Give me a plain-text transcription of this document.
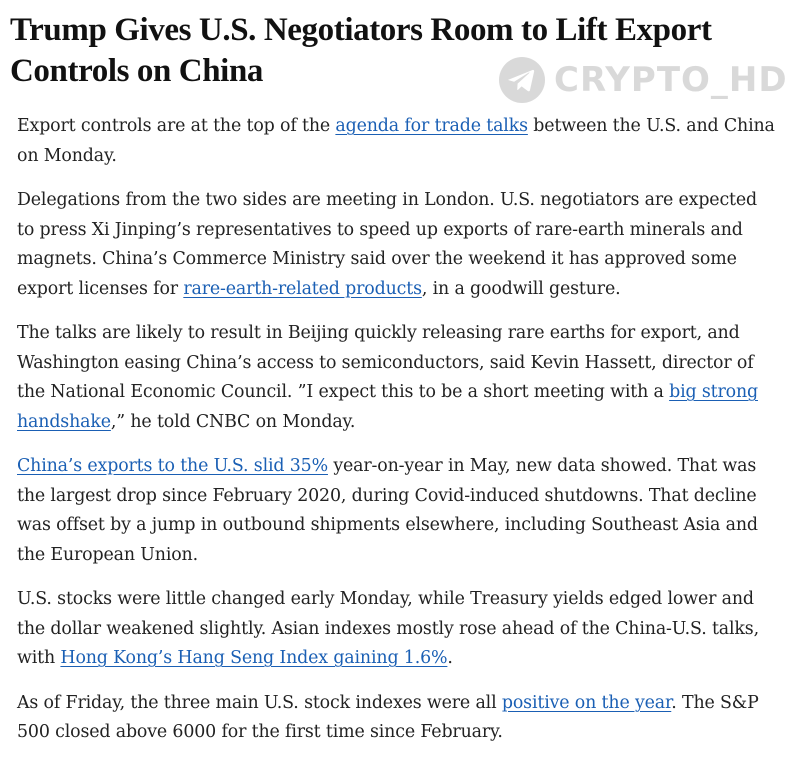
Trump Gives U.S. Negotiators Room to Lift Export Controls on China	CRYPTO_HD

Export controls are at the top of the agenda for trade talks between the U.S. and China on Monday.

Delegations from the two sides are meeting in London. U.S. negotiators are expected to press Xi Jinping’s representatives to speed up exports of rare-earth minerals and magnets. China’s Commerce Ministry said over the weekend it has approved some export licenses for rare-earth-related products, in a goodwill gesture.

The talks are likely to result in Beijing quickly releasing rare earths for export, and Washington easing China’s access to semiconductors, said Kevin Hassett, director of the National Economic Council. ”I expect this to be a short meeting with a big strong handshake,” he told CNBC on Monday.

China’s exports to the U.S. slid 35% year-on-year in May, new data showed. That was the largest drop since February 2020, during Covid-induced shutdowns. That decline was offset by a jump in outbound shipments elsewhere, including Southeast Asia and the European Union.

U.S. stocks were little changed early Monday, while Treasury yields edged lower and the dollar weakened slightly. Asian indexes mostly rose ahead of the China-U.S. talks, with Hong Kong’s Hang Seng Index gaining 1.6%.

As of Friday, the three main U.S. stock indexes were all positive on the year. The S&P 500 closed above 6000 for the first time since February.
